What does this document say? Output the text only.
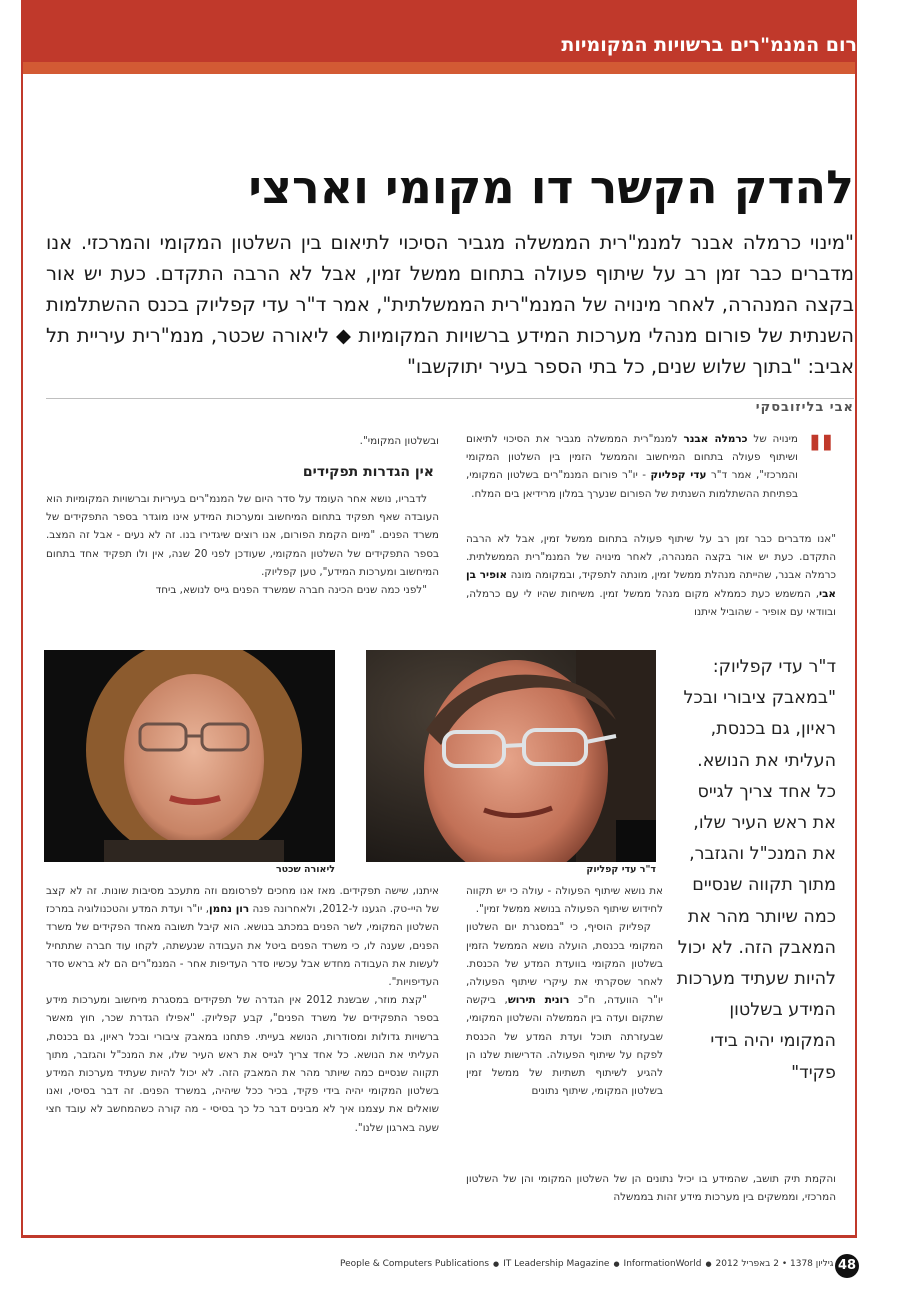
פורום המנמ"רים ברשויות המקומיות
להדק הקשר דו מקומי וארצי

"מינוי כרמלה אבנר למנמ"רית הממשלה מגביר הסיכוי לתיאום בין השלטון המקומי והמרכזי. אנו מדברים כבר זמן רב על שיתוף פעולה בתחום ממשל זמין, אבל לא הרבה התקדם. כעת יש אור בקצה המנהרה, לאחר מינויה של המנמ"רית הממשלתית", אמר ד"ר עדי קפליוק בכנס ההשתלמות השנתית של פורום מנהלי מערכות המידע ברשויות המקומיות ◆ ליאורה שכטר, מנמ"רית עיריית תל אביב: "בתוך שלוש שנים, כל בתי הספר בעיר יתוקשבו"

אבי בליזובסקי
"

מינויה של כרמלה אבנר למנמ"רית הממשלה מגביר את הסיכוי לתיאום ושיתוף פעולה בתחום המיחשוב והממשל הזמין בין השלטון המקומי והמרכזי", אמר ד"ר עדי קפליוק - יו"ר פורום המנמ"רים בשלטון המקומי, בפתיחת ההשתלמות השנתית של הפורום שנערך במלון מרידיאן בים המלח.

"אנו מדברים כבר זמן רב על שיתוף פעולה בתחום ממשל זמין, אבל לא הרבה התקדם. כעת יש אור בקצה המנהרה, לאחר מינויה של המנמ"רית הממשלתית. כרמלה אבנר, שהייתה מנהלת ממשל זמין, מונתה לתפקיד, ובמקומה מונה אופיר בן אבי, המשמש כעת כממלא מקום מנהל ממשל זמין. משיחות שהיו לי עם כרמלה, ובוודאי עם אופיר - שהוביל איתנו

ובשלטון המקומי".

אין הגדרות תפקידים

לדבריו, נושא אחר העומד על סדר היום של המנמ"רים בעיריות וברשויות המקומיות הוא העובדה שאף תפקיד בתחום המיחשוב ומערכות המידע אינו מוגדר בספר התפקידים של משרד הפנים. "מיום הקמת הפורום, אנו רוצים שיגדירו בנו. זה לא נעים - אבל זה המצב. בספר התפקידים של השלטון המקומי, שעודכן לפני 20 שנה, אין ולו תפקיד אחד בתחום המיחשוב ומערכות המידע", טען קפליוק.

"לפני כמה שנים הכינה חברה שמשרד הפנים גייס לנושא, ביחד

ד"ר עדי קפליוק
ליאורה שכטר

ד"ר עדי קפליוק: "במאבק ציבורי ובכל ראיון, גם בכנסת, העליתי את הנושא. כל אחד צריך לגייס את ראש העיר שלו, את המנכ"ל והגזבר, מתוך תקווה שנסיים כמה שיותר מהר את המאבק הזה. לא יכול להיות שעתיד מערכות המידע בשלטון המקומי יהיה בידי פקיד"

את נושא שיתוף הפעולה - עולה כי יש תקווה לחידוש שיתוף הפעולה בנושא ממשל זמין".

קפליוק הוסיף, כי "במסגרת יום השלטון המקומי בכנסת, הועלה נושא הממשל הזמין בשלטון המקומי בוועדת המדע של הכנסת. לאחר שסקרתי את עיקרי שיתוף הפעולה, יו"ר הוועדה, ח"כ רונית תירוש, ביקשה שתקום ועדה בין הממשלה והשלטון המקומי, שבעזרתה תוכל ועדת המדע של הכנסת לפקח על שיתוף הפעולה. הדרישות שלנו הן להגיע לשיתוף תשתיות של ממשל זמין בשלטון המקומי, שיתוף נתונים

והקמת תיק תושב, שהמידע בו יכיל נתונים הן של השלטון המקומי והן של השלטון המרכזי, וממשקים בין מערכות מידע זהות בממשלה

איתנו, שישה תפקידים. מאז אנו מחכים לפרסומם וזה מתעכב מסיבות שונות. זה לא קצב של היי-טק. הגענו ל-2012, ולאחרונה פנה רון נחמן, יו"ר ועדת המדע והטכנולוגיה במרכז השלטון המקומי, לשר הפנים במכתב בנושא. הוא קיבל תשובה מאחד הפקידים של משרד הפנים, שענה לו, כי משרד הפנים ביטל את העבודה שנעשתה, לקחו עוד חברה שתתחיל לעשות את העבודה מחדש אבל עכשיו סדר העדיפות אחר - המנמ"רים הם לא בראש סדר העדיפויות".

"קצת מוזר, שבשנת 2012 אין הגדרה של תפקידים במסגרת מיחשוב ומערכות מידע בספר התפקידים של משרד הפנים", קבע קפליוק. "אפילו הגדרת שכר, חוץ מאשר ברשויות גדולות ומסודרות, הנושא בעייתי. פתחנו במאבק ציבורי ובכל ראיון, גם בכנסת, העליתי את הנושא. כל אחד צריך לגייס את ראש העיר שלו, את המנכ"ל והגזבר, מתוך תקווה שנסיים כמה שיותר מהר את המאבק הזה. לא יכול להיות שעתיד מערכות המידע בשלטון המקומי יהיה בידי פקיד, בכיר ככל שיהיה, במשרד הפנים. זה דבר בסיסי, ואנו שואלים את עצמנו איך לא מבינים דבר כל כך בסיסי - מה קורה כשהמחשב לא עובד חצי שעה בארגון שלנו".

People & Computers Publications ● IT Leadership Magazine ● InformationWorld ● גיליון 1378 • 2 באפריל 2012 48
